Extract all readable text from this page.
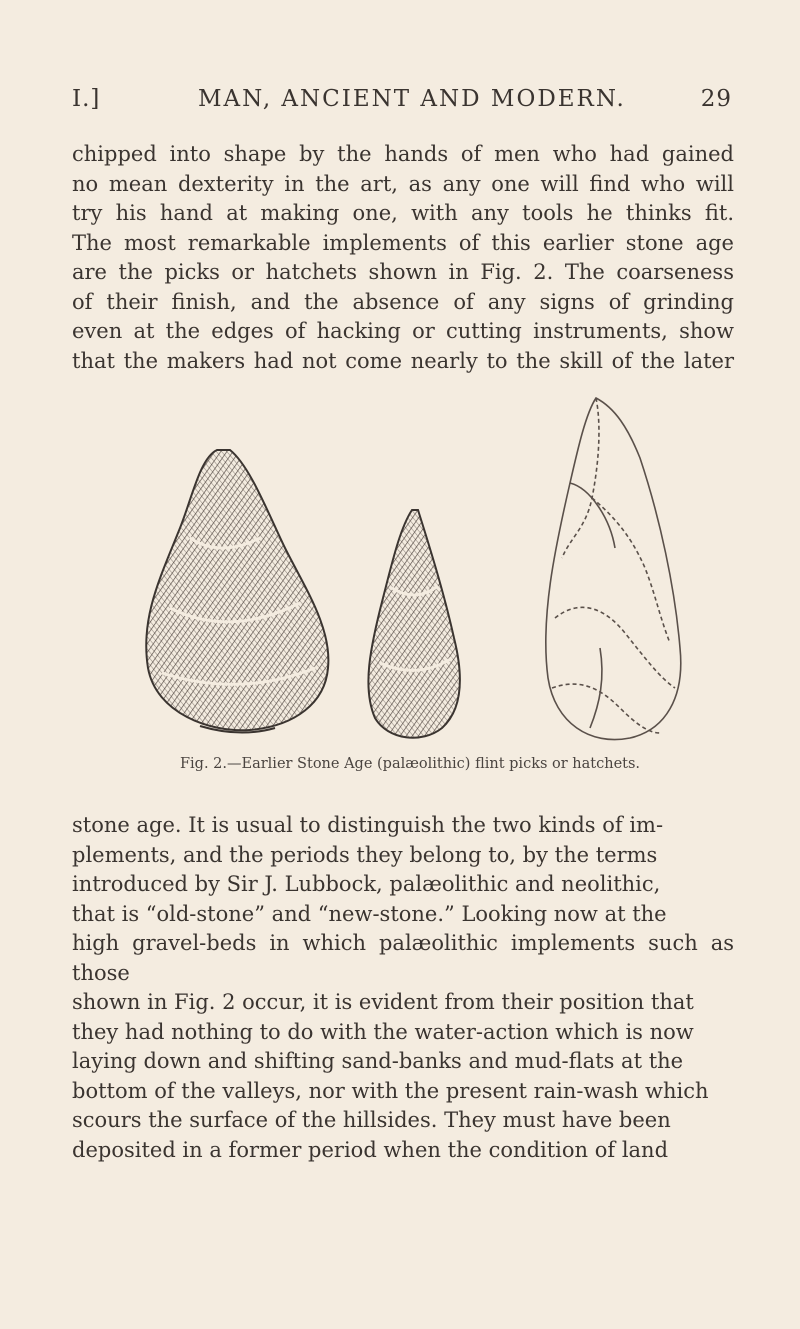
I.]	MAN, ANCIENT AND MODERN.	29
chipped into shape by the hands of men who had gained
no mean dexterity in the art, as any one will find who will
try his hand at making one, with any tools he thinks fit.
The most remarkable implements of this earlier stone age
are the picks or hatchets shown in Fig. 2. The coarseness
of their finish, and the absence of any signs of grinding
even at the edges of hacking or cutting instruments, show
that the makers had not come nearly to the skill of the later
Fig. 2.—Earlier Stone Age (palæolithic) flint picks or hatchets.
stone age. It is usual to distinguish the two kinds of im-
plements, and the periods they belong to, by the terms
introduced by Sir J. Lubbock, palæolithic and neolithic,
that is “old-stone” and “new-stone.” Looking now at the
high gravel-beds in which palæolithic implements such as those
shown in Fig. 2 occur, it is evident from their position that
they had nothing to do with the water-action which is now
laying down and shifting sand-banks and mud-flats at the
bottom of the valleys, nor with the present rain-wash which
scours the surface of the hillsides. They must have been
deposited in a former period when the condition of land
